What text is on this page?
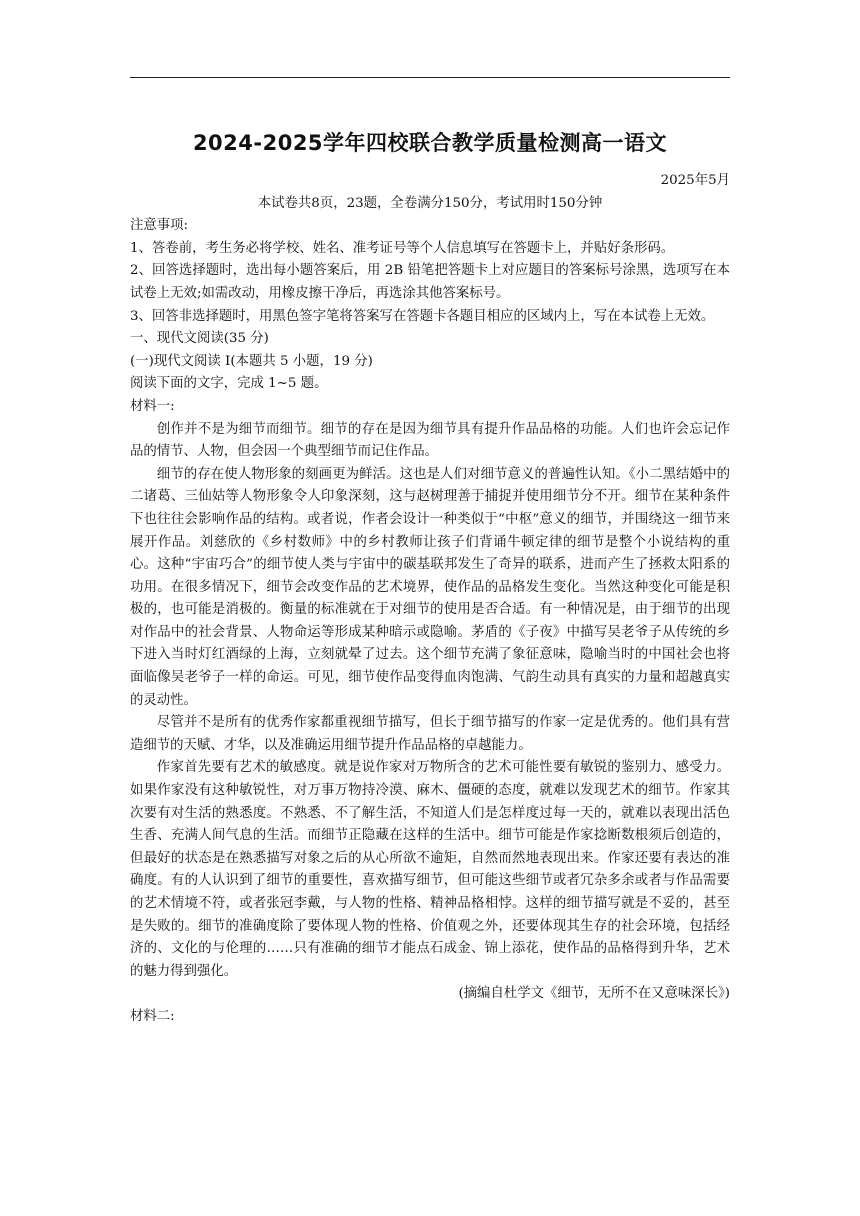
2024-2025学年四校联合教学质量检测高一语文

2025年5月

本试卷共8页，23题，全卷满分150分，考试用时150分钟

注意事项:

1、答卷前，考生务必将学校、姓名、准考证号等个人信息填写在答题卡上，并贴好条形码。

2、回答选择题时，选出每小题答案后，用 2B 铅笔把答题卡上对应题目的答案标号涂黑，选项写在本试卷上无效;如需改动，用橡皮擦干净后，再选涂其他答案标号。

3、回答非选择题时，用黑色签字笔将答案写在答题卡各题目相应的区域内上，写在本试卷上无效。

一、现代文阅读(35 分)

(一)现代文阅读 I(本题共 5 小题，19 分)

阅读下面的文字，完成 1~5 题。

材料一:

创作并不是为细节而细节。细节的存在是因为细节具有提升作品品格的功能。人们也许会忘记作品的情节、人物，但会因一个典型细节而记住作品。

细节的存在使人物形象的刻画更为鲜活。这也是人们对细节意义的普遍性认知。《小二黑结婚中的二诸葛、三仙姑等人物形象令人印象深刻，这与赵树理善于捕捉并使用细节分不开。细节在某种条件下也往往会影响作品的结构。或者说，作者会设计一种类似于“中枢”意义的细节，并围绕这一细节来展开作品。刘慈欣的《乡村数师》中的乡村教师让孩子们背诵牛顿定律的细节是整个小说结构的重心。这种“宇宙巧合”的细节使人类与宇宙中的碳基联邦发生了奇异的联系，进而产生了拯救太阳系的功用。在很多情况下，细节会改变作品的艺术境界，使作品的品格发生变化。当然这种变化可能是积极的，也可能是消极的。衡量的标准就在于对细节的使用是否合适。有一种情况是，由于细节的出现对作品中的社会背景、人物命运等形成某种暗示或隐喻。茅盾的《子夜》中描写吴老爷子从传统的乡下进入当时灯红酒绿的上海，立刻就晕了过去。这个细节充满了象征意味，隐喻当时的中国社会也将面临像吴老爷子一样的命运。可见，细节使作品变得血肉饱满、气韵生动具有真实的力量和超越真实的灵动性。

尽管并不是所有的优秀作家都重视细节描写，但长于细节描写的作家一定是优秀的。他们具有营造细节的天赋、才华，以及准确运用细节提升作品品格的卓越能力。

作家首先要有艺术的敏感度。就是说作家对万物所含的艺术可能性要有敏锐的鉴别力、感受力。如果作家没有这种敏锐性，对万事万物持冷漠、麻木、僵硬的态度，就难以发现艺术的细节。作家其次要有对生活的熟悉度。不熟悉、不了解生活，不知道人们是怎样度过每一天的，就难以表现出活色生香、充满人间气息的生活。而细节正隐藏在这样的生活中。细节可能是作家捻断数根须后创造的，但最好的状态是在熟悉描写对象之后的从心所欲不逾矩，自然而然地表现出来。作家还要有表达的准确度。有的人认识到了细节的重要性，喜欢描写细节，但可能这些细节或者冗杂多余或者与作品需要的艺术情境不符，或者张冠李戴，与人物的性格、精神品格相悖。这样的细节描写就是不妥的，甚至是失败的。细节的准确度除了要体现人物的性格、价值观之外，还要体现其生存的社会环境，包括经济的、文化的与伦理的……只有准确的细节才能点石成金、锦上添花，使作品的品格得到升华，艺术的魅力得到强化。

(摘编自杜学文《细节，无所不在又意味深长》)

材料二:
